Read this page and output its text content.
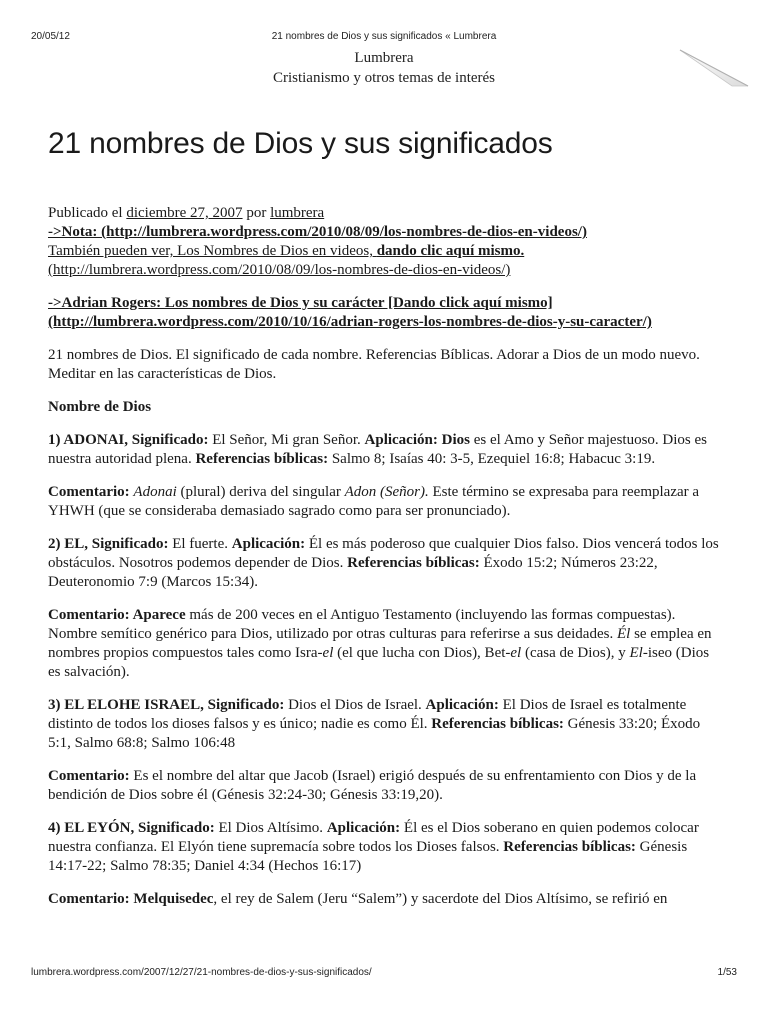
20/05/12	21 nombres de Dios y sus significados « Lumbrera
Lumbrera
Cristianismo y otros temas de interés
21 nombres de Dios y sus significados

Publicado el diciembre 27, 2007 por lumbrera

->Nota: (http://lumbrera.wordpress.com/2010/08/09/los-nombres-de-dios-en-videos/)

También pueden ver, Los Nombres de Dios en videos, dando clic aquí mismo.
(http://lumbrera.wordpress.com/2010/08/09/los-nombres-de-dios-en-videos/)

->Adrian Rogers: Los nombres de Dios y su carácter [Dando click aquí mismo]
(http://lumbrera.wordpress.com/2010/10/16/adrian-rogers-los-nombres-de-dios-y-su-caracter/)

21 nombres de Dios. El significado de cada nombre. Referencias Bíblicas. Adorar a Dios de un modo nuevo. Meditar en las características de Dios.

Nombre de Dios

1) ADONAI, Significado: El Señor, Mi gran Señor. Aplicación: Dios es el Amo y Señor majestuoso. Dios es nuestra autoridad plena. Referencias bíblicas: Salmo 8; Isaías 40: 3-5, Ezequiel 16:8; Habacuc 3:19.

Comentario: Adonai (plural) deriva del singular Adon (Señor). Este término se expresaba para reemplazar a YHWH (que se consideraba demasiado sagrado como para ser pronunciado).

2) EL, Significado: El fuerte. Aplicación: Él es más poderoso que cualquier Dios falso. Dios vencerá todos los obstáculos. Nosotros podemos depender de Dios. Referencias bíblicas: Éxodo 15:2; Números 23:22, Deuteronomio 7:9 (Marcos 15:34).

Comentario: Aparece más de 200 veces en el Antiguo Testamento (incluyendo las formas compuestas). Nombre semítico genérico para Dios, utilizado por otras culturas para referirse a sus deidades. Él se emplea en nombres propios compuestos tales como Isra-el (el que lucha con Dios), Bet-el (casa de Dios), y El-iseo (Dios es salvación).

3) EL ELOHE ISRAEL, Significado: Dios el Dios de Israel. Aplicación: El Dios de Israel es totalmente distinto de todos los dioses falsos y es único; nadie es como Él. Referencias bíblicas: Génesis 33:20; Éxodo 5:1, Salmo 68:8; Salmo 106:48

Comentario: Es el nombre del altar que Jacob (Israel) erigió después de su enfrentamiento con Dios y de la bendición de Dios sobre él (Génesis 32:24-30; Génesis 33:19,20).

4) EL EYÓN, Significado: El Dios Altísimo. Aplicación: Él es el Dios soberano en quien podemos colocar nuestra confianza. El Elyón tiene supremacía sobre todos los Dioses falsos. Referencias bíblicas: Génesis 14:17-22; Salmo 78:35; Daniel 4:34 (Hechos 16:17)

Comentario: Melquisedec, el rey de Salem (Jeru “Salem”) y sacerdote del Dios Altísimo, se refirió en

lumbrera.wordpress.com/2007/12/27/21-nombres-de-dios-y-sus-significados/	1/53
